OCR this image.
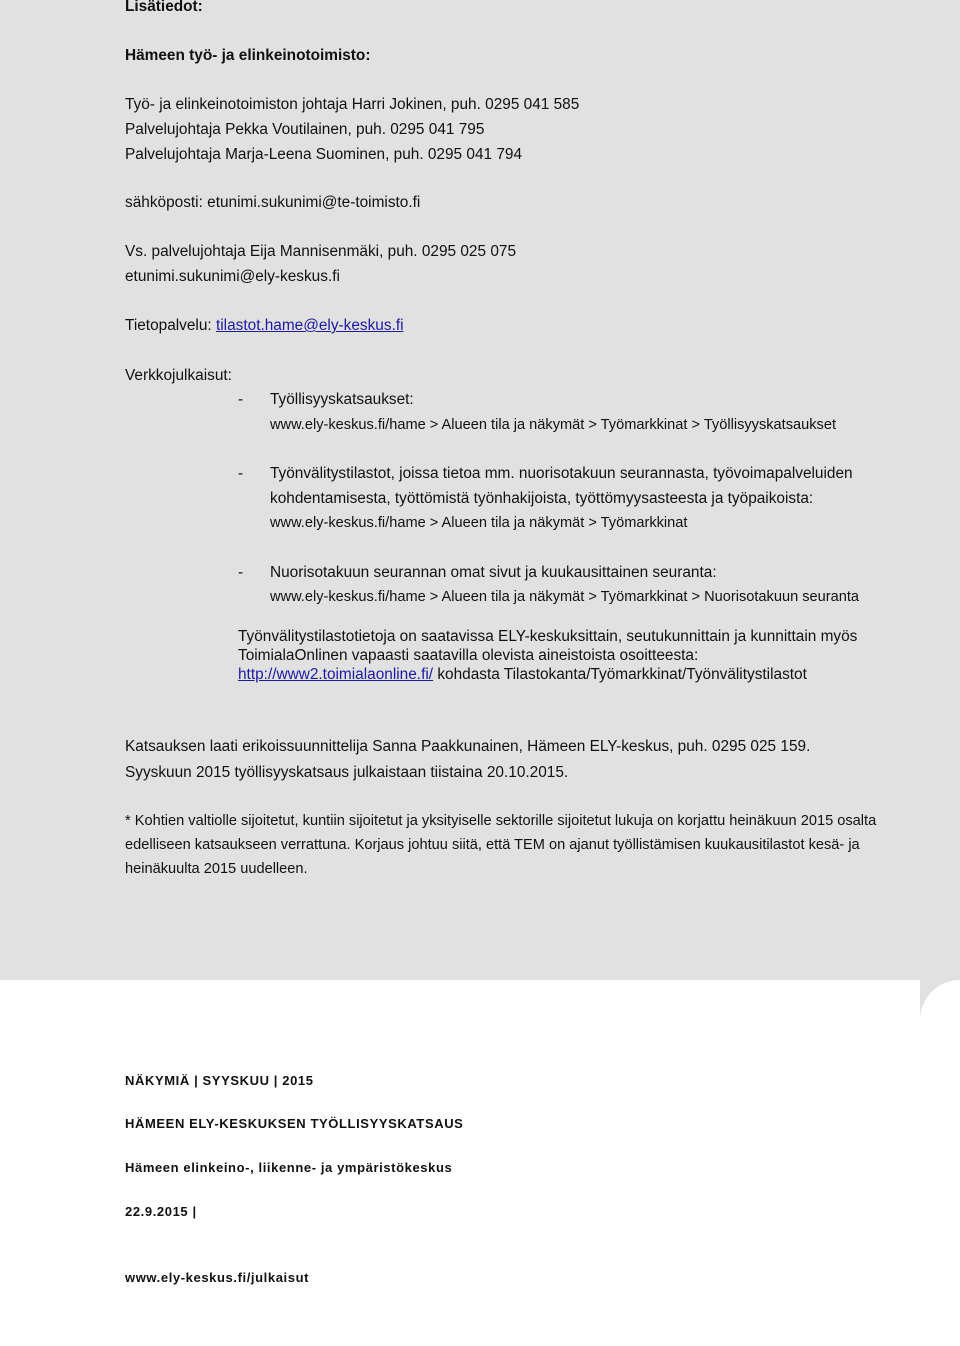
Lisätiedot:
Hämeen työ- ja elinkeinotoimisto:
Työ- ja elinkeinotoimiston johtaja Harri Jokinen, puh. 0295 041 585
Palvelujohtaja Pekka Voutilainen, puh. 0295 041 795
Palvelujohtaja Marja-Leena Suominen, puh. 0295 041 794
sähköposti: etunimi.sukunimi@te-toimisto.fi
Vs. palvelujohtaja Eija Mannisenmäki, puh. 0295 025 075
etunimi.sukunimi@ely-keskus.fi
Tietopalvelu: tilastot.hame@ely-keskus.fi
Verkkojulkaisut:
- Työllisyyskatsaukset:
www.ely-keskus.fi/hame > Alueen tila ja näkymät > Työmarkkinat > Työllisyyskatsaukset
- Työnvälitystilastot, joissa tietoa mm. nuorisotakuun seurannasta, työvoimapalveluiden
kohdentamisesta, työttömistä työnhakijoista, työttömyysasteesta ja työpaikoista:
www.ely-keskus.fi/hame > Alueen tila ja näkymät > Työmarkkinat
- Nuorisotakuun seurannan omat sivut ja kuukausittainen seuranta:
www.ely-keskus.fi/hame > Alueen tila ja näkymät > Työmarkkinat > Nuorisotakuun seuranta
Työnvälitystilastotietoja on saatavissa ELY-keskuksittain, seutukunnittain ja kunnittain myös
ToimialaOnlinen vapaasti saatavilla olevista aineistoista osoitteesta:
http://www2.toimialaonline.fi/ kohdasta Tilastokanta/Työmarkkinat/Työnvälitystilastot
Katsauksen laati erikoissuunnittelija Sanna Paakkunainen, Hämeen ELY-keskus, puh. 0295 025 159.
Syyskuun 2015 työllisyyskatsaus julkaistaan tiistaina 20.10.2015.
* Kohtien valtiolle sijoitetut, kuntiin sijoitetut ja yksityiselle sektorille sijoitetut lukuja on korjattu heinäkuun 2015 osalta
edelliseen katsaukseen verrattuna. Korjaus johtuu siitä, että TEM on ajanut työllistämisen kuukausitilastot kesä- ja
heinäkuulta 2015 uudelleen.
NÄKYMIÄ | SYYSKUU | 2015
HÄMEEN ELY-KESKUKSEN TYÖLLISYYSKATSAUS
Hämeen elinkeino-, liikenne- ja ympäristökeskus
22.9.2015 |
www.ely-keskus.fi/julkaisut
